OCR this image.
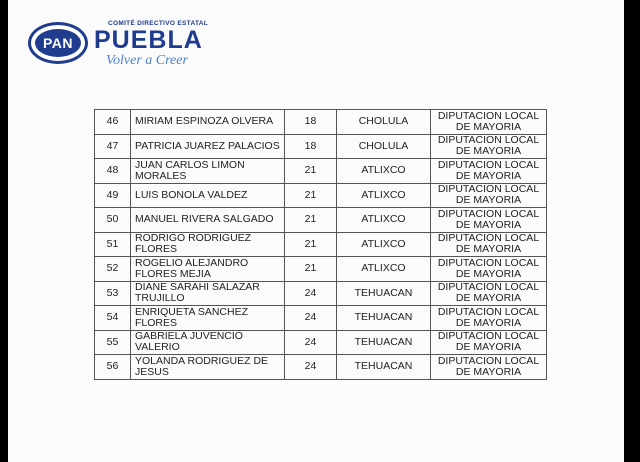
PAN
COMITÉ DIRECTIVO ESTATAL
PUEBLA
Volver a Creer
46	MIRIAM ESPINOZA OLVERA	18	CHOLULA	DIPUTACION LOCAL DE MAYORIA
47	PATRICIA JUAREZ PALACIOS	18	CHOLULA	DIPUTACION LOCAL DE MAYORIA
48	JUAN CARLOS LIMON MORALES	21	ATLIXCO	DIPUTACION LOCAL DE MAYORIA
49	LUIS BONOLA VALDEZ	21	ATLIXCO	DIPUTACION LOCAL DE MAYORIA
50	MANUEL RIVERA SALGADO	21	ATLIXCO	DIPUTACION LOCAL DE MAYORIA
51	RODRIGO RODRIGUEZ FLORES	21	ATLIXCO	DIPUTACION LOCAL DE MAYORIA
52	ROGELIO ALEJANDRO FLORES MEJIA	21	ATLIXCO	DIPUTACION LOCAL DE MAYORIA
53	DIANE SARAHI SALAZAR TRUJILLO	24	TEHUACAN	DIPUTACION LOCAL DE MAYORIA
54	ENRIQUETA SANCHEZ FLORES	24	TEHUACAN	DIPUTACION LOCAL DE MAYORIA
55	GABRIELA JUVENCIO VALERIO	24	TEHUACAN	DIPUTACION LOCAL DE MAYORIA
56	YOLANDA RODRIGUEZ DE JESUS	24	TEHUACAN	DIPUTACION LOCAL DE MAYORIA
